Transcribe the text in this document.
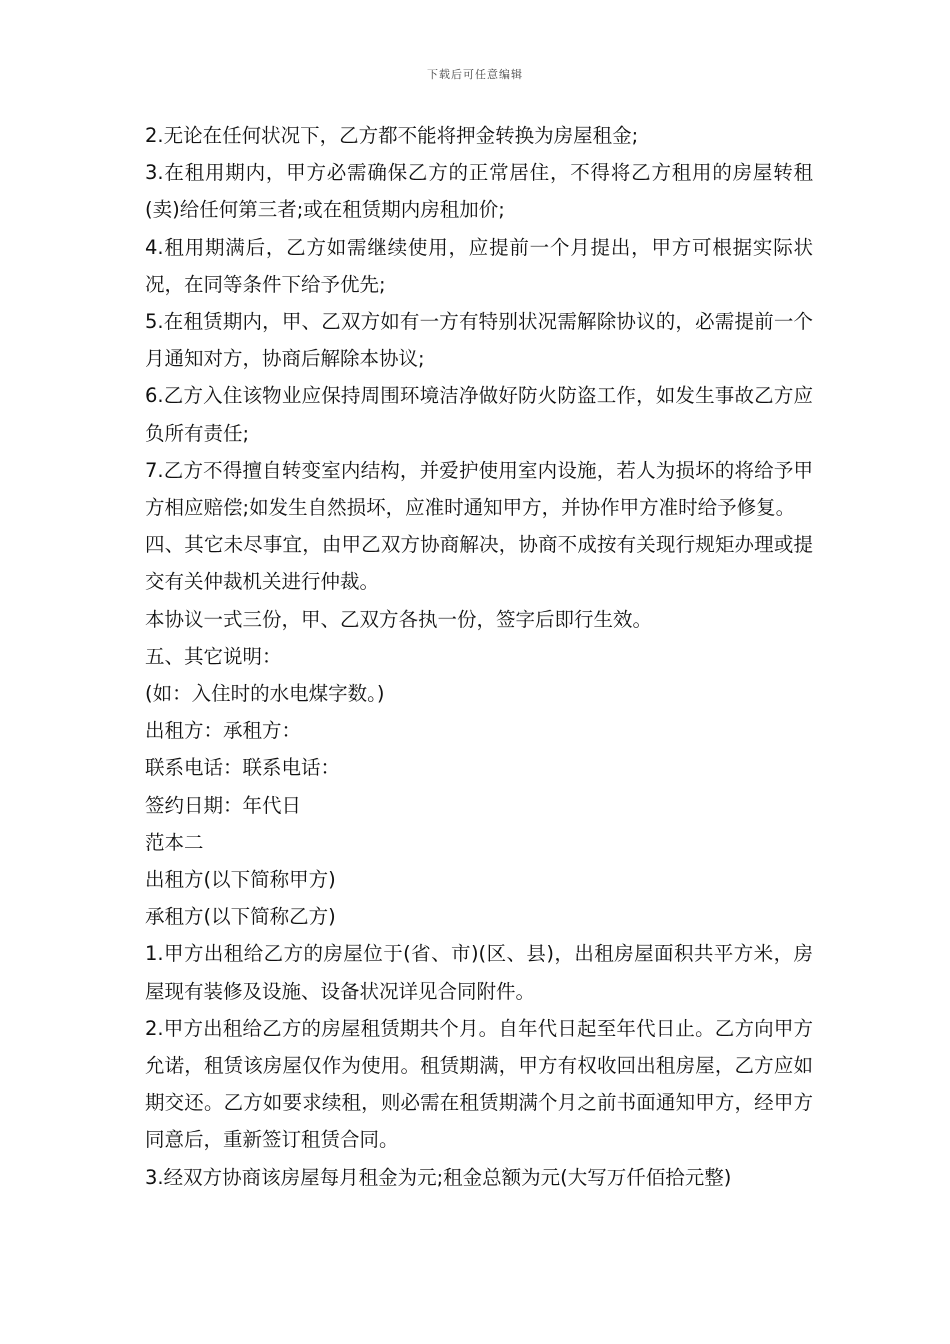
下载后可任意编辑

2.无论在任何状况下，乙方都不能将押金转换为房屋租金;

3.在租用期内，甲方必需确保乙方的正常居住，不得将乙方租用的房屋转租(卖)给任何第三者;或在租赁期内房租加价;

4.租用期满后，乙方如需继续使用，应提前一个月提出，甲方可根据实际状况，在同等条件下给予优先;

5.在租赁期内，甲、乙双方如有一方有特别状况需解除协议的，必需提前一个月通知对方，协商后解除本协议;

6.乙方入住该物业应保持周围环境洁净做好防火防盗工作，如发生事故乙方应负所有责任;

7.乙方不得擅自转变室内结构，并爱护使用室内设施，若人为损坏的将给予甲方相应赔偿;如发生自然损坏，应准时通知甲方，并协作甲方准时给予修复。

四、其它未尽事宜，由甲乙双方协商解决，协商不成按有关现行规矩办理或提交有关仲裁机关进行仲裁。

本协议一式三份，甲、乙双方各执一份，签字后即行生效。

五、其它说明：

(如：入住时的水电煤字数。)

出租方：承租方：

联系电话：联系电话：

签约日期：年代日

范本二

出租方(以下简称甲方)

承租方(以下简称乙方)

1.甲方出租给乙方的房屋位于(省、市)(区、县)，出租房屋面积共平方米，房屋现有装修及设施、设备状况详见合同附件。

2.甲方出租给乙方的房屋租赁期共个月。自年代日起至年代日止。乙方向甲方允诺，租赁该房屋仅作为使用。租赁期满，甲方有权收回出租房屋，乙方应如期交还。乙方如要求续租，则必需在租赁期满个月之前书面通知甲方，经甲方同意后，重新签订租赁合同。

3.经双方协商该房屋每月租金为元;租金总额为元(大写万仟佰拾元整)
